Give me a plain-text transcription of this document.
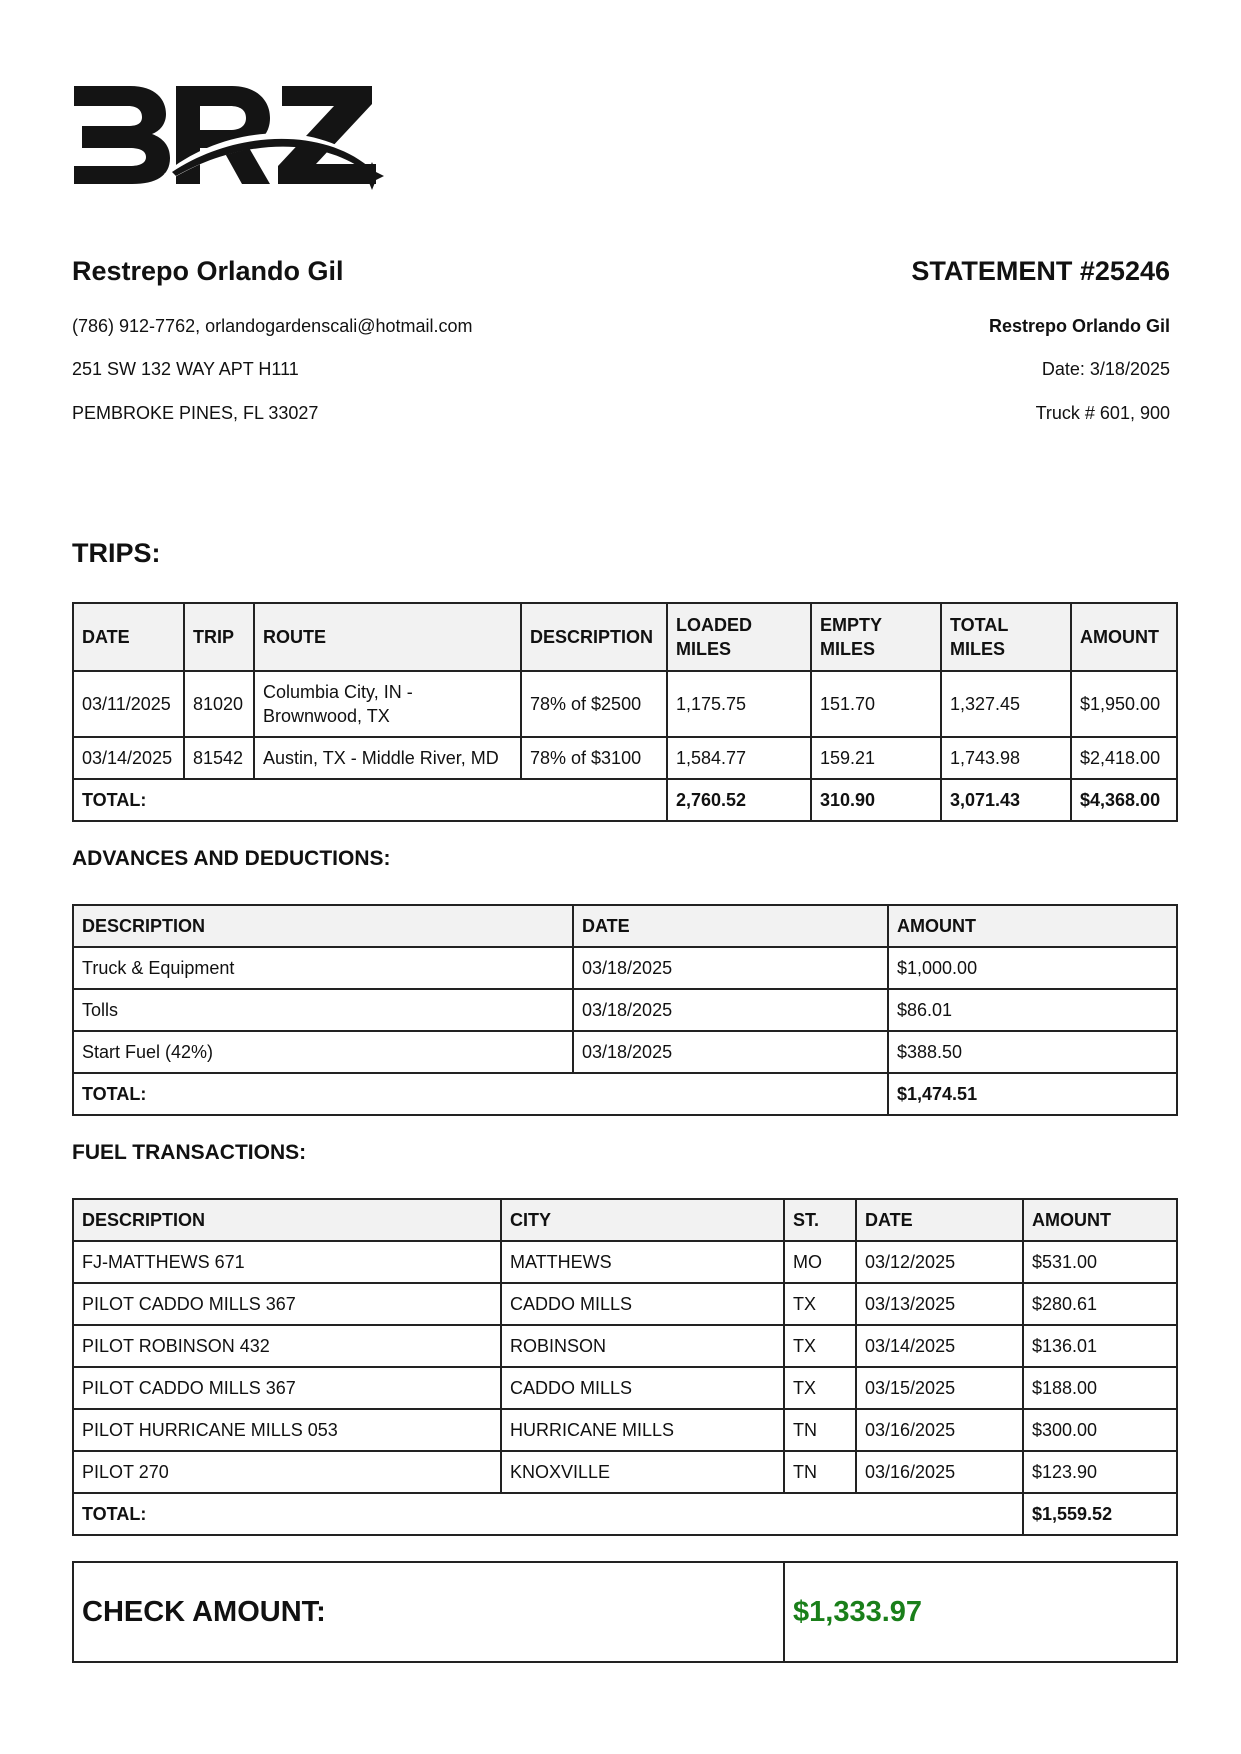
Restrepo Orlando Gil
(786) 912-7762, orlandogardenscali@hotmail.com
251 SW 132 WAY APT H111
PEMBROKE PINES, FL 33027
STATEMENT #25246
Restrepo Orlando Gil
Date: 3/18/2025
Truck # 601, 900
TRIPS:
DATE	TRIP	ROUTE	DESCRIPTION	LOADED MILES	EMPTY MILES	TOTAL MILES	AMOUNT
03/11/2025	81020	Columbia City, IN - Brownwood, TX	78% of $2500	1,175.75	151.70	1,327.45	$1,950.00
03/14/2025	81542	Austin, TX - Middle River, MD	78% of $3100	1,584.77	159.21	1,743.98	$2,418.00
TOTAL:				2,760.52	310.90	3,071.43	$4,368.00
ADVANCES AND DEDUCTIONS:
DESCRIPTION	DATE	AMOUNT
Truck & Equipment	03/18/2025	$1,000.00
Tolls	03/18/2025	$86.01
Start Fuel (42%)	03/18/2025	$388.50
TOTAL:		$1,474.51
FUEL TRANSACTIONS:
DESCRIPTION	CITY	ST.	DATE	AMOUNT
FJ-MATTHEWS 671	MATTHEWS	MO	03/12/2025	$531.00
PILOT CADDO MILLS 367	CADDO MILLS	TX	03/13/2025	$280.61
PILOT ROBINSON 432	ROBINSON	TX	03/14/2025	$136.01
PILOT CADDO MILLS 367	CADDO MILLS	TX	03/15/2025	$188.00
PILOT HURRICANE MILLS 053	HURRICANE MILLS	TN	03/16/2025	$300.00
PILOT 270	KNOXVILLE	TN	03/16/2025	$123.90
TOTAL:				$1,559.52
CHECK AMOUNT:	$1,333.97
